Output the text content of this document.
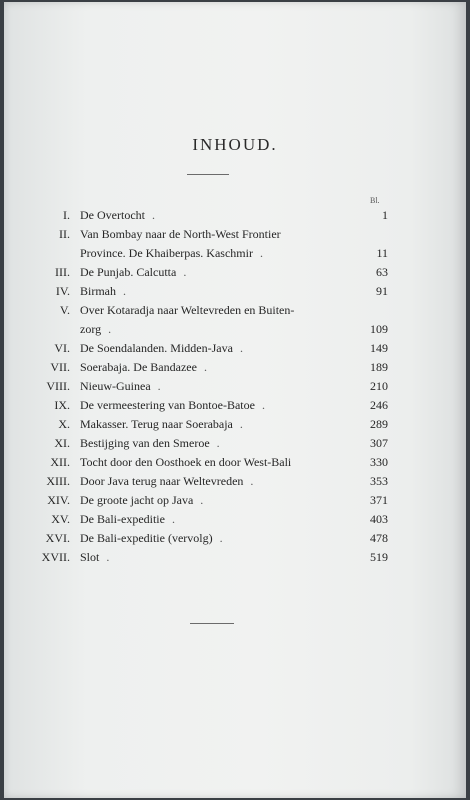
INHOUD.
Bl.
I. De Overtocht .	1
II. Van Bombay naar de North-West Frontier
Province. De Khaiberpas. Kaschmir .	11
III. De Punjab. Calcutta .	63
IV. Birmah .	91
V. Over Kotaradja naar Weltevreden en Buiten-
zorg .	109
VI. De Soendalanden. Midden-Java .	149
VII. Soerabaja. De Bandazee .	189
VIII. Nieuw-Guinea .	210
IX. De vermeestering van Bontoe-Batoe .	246
X. Makasser. Terug naar Soerabaja .	289
XI. Bestijging van den Smeroe .	307
XII. Tocht door den Oosthoek en door West-Bali	330
XIII. Door Java terug naar Weltevreden .	353
XIV. De groote jacht op Java .	371
XV. De Bali-expeditie .	403
XVI. De Bali-expeditie (vervolg) .	478
XVII. Slot .	519
